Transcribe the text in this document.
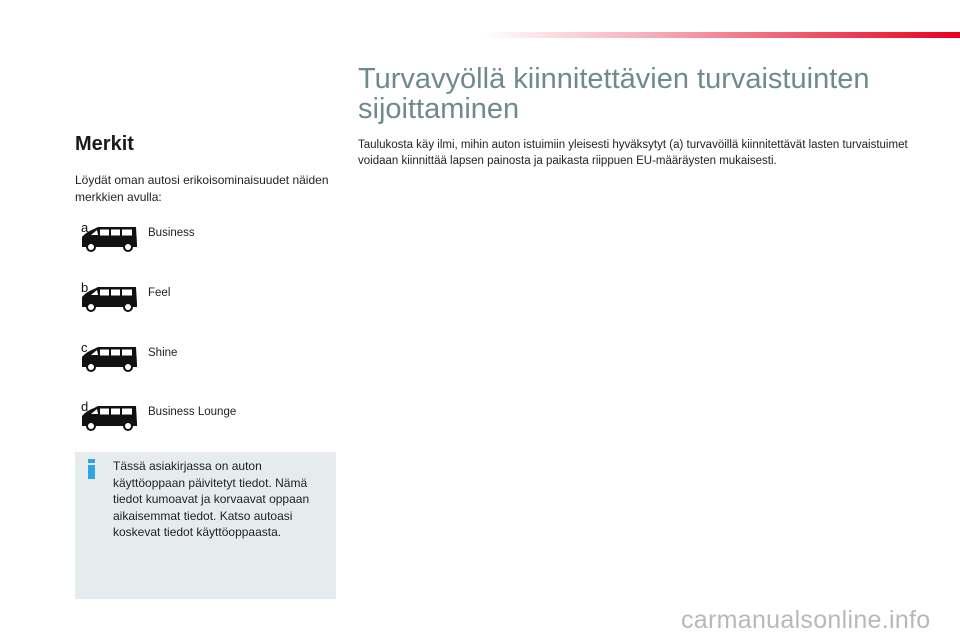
Merkit
Löydät oman autosi erikoisominaisuudet näiden merkkien avulla:
a	Business
b	Feel
c	Shine
d	Business Lounge
Tässä asiakirjassa on auton käyttöoppaan päivitetyt tiedot. Nämä tiedot kumoavat ja korvaavat oppaan aikaisemmat tiedot. Katso autoasi koskevat tiedot käyttöoppaasta.
Turvavyöllä kiinnitettävien turvaistuinten sijoittaminen
Taulukosta käy ilmi, mihin auton istuimiin yleisesti hyväksytyt (a) turvavöillä kiinnitettävät lasten turvaistuimet voidaan kiinnittää lapsen painosta ja paikasta riippuen EU-määräysten mukaisesti.
carmanualsonline.info
